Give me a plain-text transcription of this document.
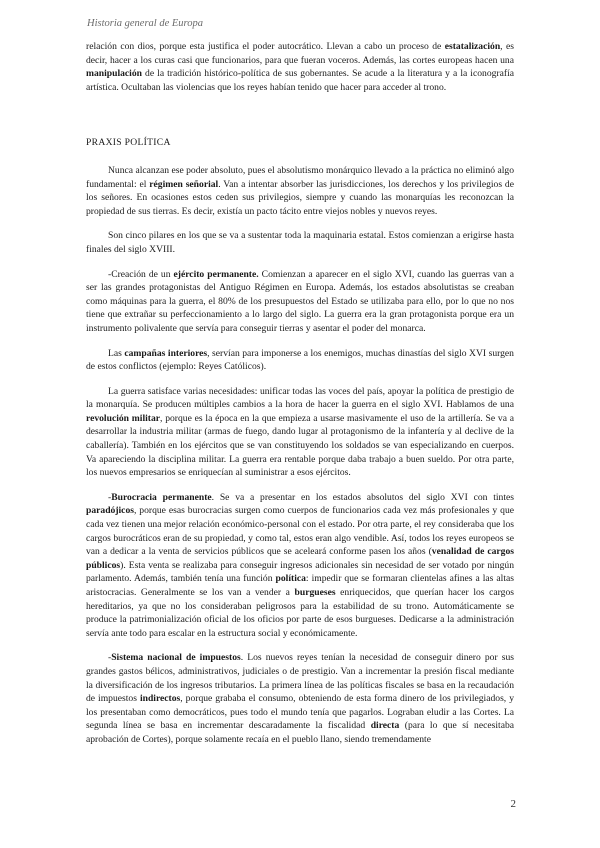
Historia general de Europa

relación con dios, porque esta justifica el poder autocrático. Llevan a cabo un proceso de estatalización, es decir, hacer a los curas casi que funcionarios, para que fueran voceros. Además, las cortes europeas hacen una manipulación de la tradición histórico-política de sus gobernantes. Se acude a la literatura y a la iconografía artística. Ocultaban las violencias que los reyes habían tenido que hacer para acceder al trono.

PRAXIS POLÍTICA

Nunca alcanzan ese poder absoluto, pues el absolutismo monárquico llevado a la práctica no eliminó algo fundamental: el régimen señorial. Van a intentar absorber las jurisdicciones, los derechos y los privilegios de los señores. En ocasiones estos ceden sus privilegios, siempre y cuando las monarquías les reconozcan la propiedad de sus tierras. Es decir, existía un pacto tácito entre viejos nobles y nuevos reyes.

Son cinco pilares en los que se va a sustentar toda la maquinaria estatal. Estos comienzan a erigirse hasta finales del siglo XVIII.

-Creación de un ejército permanente. Comienzan a aparecer en el siglo XVI, cuando las guerras van a ser las grandes protagonistas del Antiguo Régimen en Europa. Además, los estados absolutistas se creaban como máquinas para la guerra, el 80% de los presupuestos del Estado se utilizaba para ello, por lo que no nos tiene que extrañar su perfeccionamiento a lo largo del siglo. La guerra era la gran protagonista porque era un instrumento polivalente que servía para conseguir tierras y asentar el poder del monarca.

Las campañas interiores, servían para imponerse a los enemigos, muchas dinastías del siglo XVI surgen de estos conflictos (ejemplo: Reyes Católicos).

La guerra satisface varias necesidades: unificar todas las voces del país, apoyar la política de prestigio de la monarquía. Se producen múltiples cambios a la hora de hacer la guerra en el siglo XVI. Hablamos de una revolución militar, porque es la época en la que empieza a usarse masivamente el uso de la artillería. Se va a desarrollar la industria militar (armas de fuego, dando lugar al protagonismo de la infantería y al declive de la caballería). También en los ejércitos que se van constituyendo los soldados se van especializando en cuerpos. Va apareciendo la disciplina militar. La guerra era rentable porque daba trabajo a buen sueldo. Por otra parte, los nuevos empresarios se enriquecían al suministrar a esos ejércitos.

-Burocracia permanente. Se va a presentar en los estados absolutos del siglo XVI con tintes paradójicos, porque esas burocracias surgen como cuerpos de funcionarios cada vez más profesionales y que cada vez tienen una mejor relación económico-personal con el estado. Por otra parte, el rey consideraba que los cargos burocráticos eran de su propiedad, y como tal, estos eran algo vendible. Así, todos los reyes europeos se van a dedicar a la venta de servicios públicos que se aceleará conforme pasen los años (venalidad de cargos públicos). Esta venta se realizaba para conseguir ingresos adicionales sin necesidad de ser votado por ningún parlamento. Además, también tenía una función política: impedir que se formaran clientelas afines a las altas aristocracias. Generalmente se los van a vender a burgueses enriquecidos, que querían hacer los cargos hereditarios, ya que no los consideraban peligrosos para la estabilidad de su trono. Automáticamente se produce la patrimonialización oficial de los oficios por parte de esos burgueses. Dedicarse a la administración servía ante todo para escalar en la estructura social y económicamente.

-Sistema nacional de impuestos. Los nuevos reyes tenían la necesidad de conseguir dinero por sus grandes gastos bélicos, administrativos, judiciales o de prestigio. Van a incrementar la presión fiscal mediante la diversificación de los ingresos tributarios. La primera línea de las políticas fiscales se basa en la recaudación de impuestos indirectos, porque grababa el consumo, obteniendo de esta forma dinero de los privilegiados, y los presentaban como democráticos, pues todo el mundo tenía que pagarlos. Lograban eludir a las Cortes. La segunda línea se basa en incrementar descaradamente la fiscalidad directa (para lo que sí necesitaba aprobación de Cortes), porque solamente recaía en el pueblo llano, siendo tremendamente

2
